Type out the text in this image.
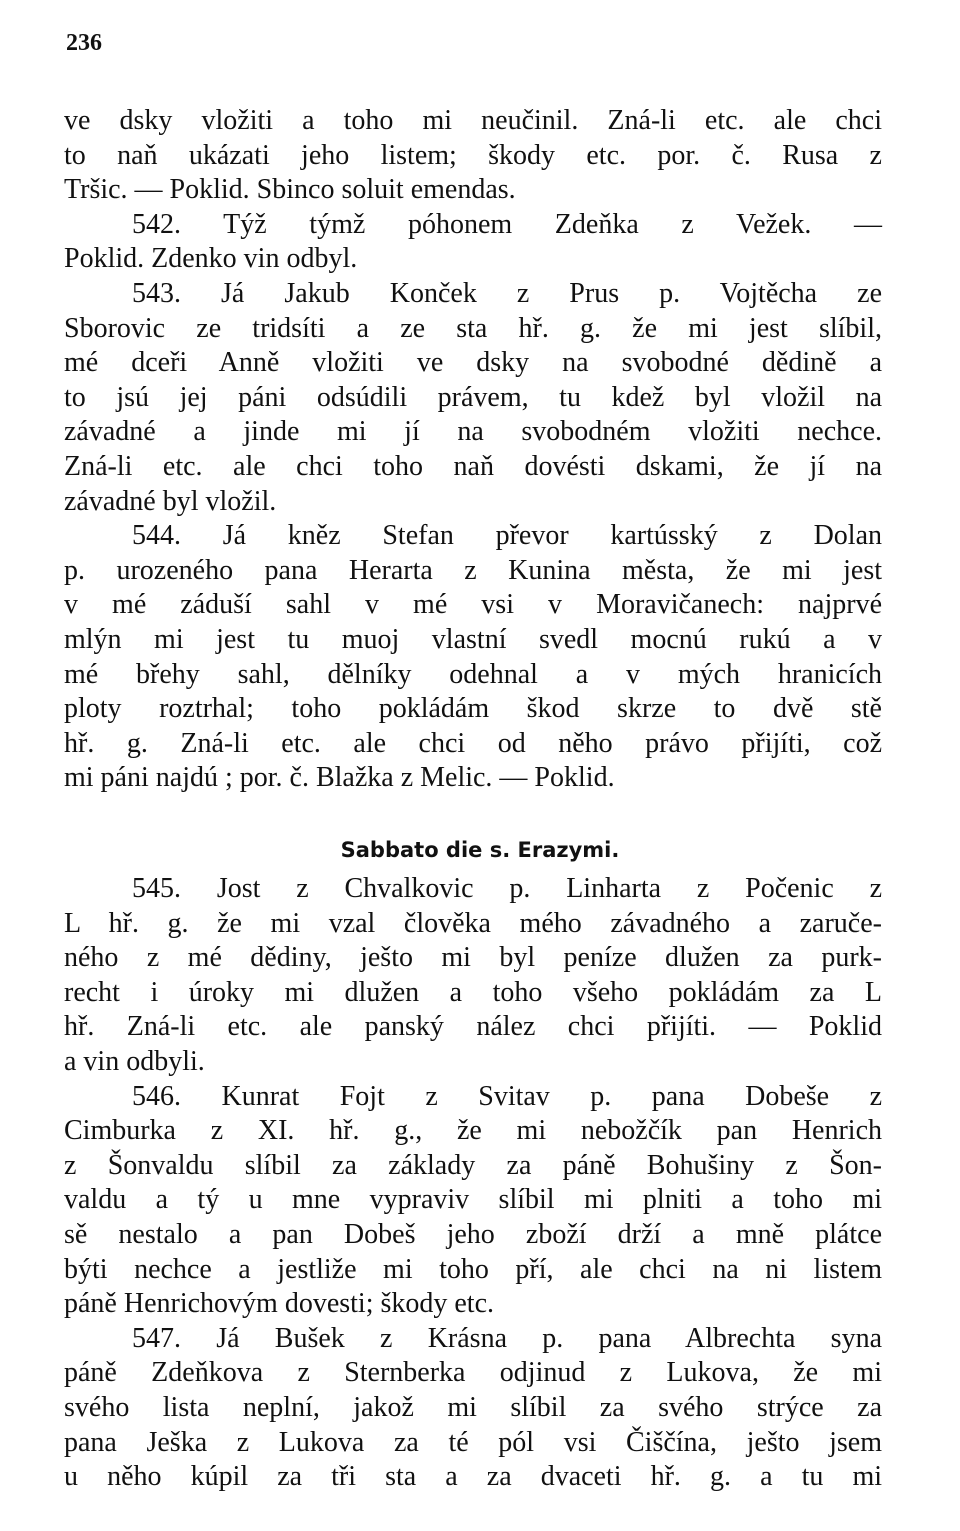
236
ve dsky vložiti a toho mi neučinil. Zná-li etc. ale chci
to naň ukázati jeho listem; škody etc. por. č. Rusa z
Tršic. — Poklid. Sbinco soluit emendas.
542. Týž týmž póhonem Zdeňka z Vežek. —
Poklid. Zdenko vin odbyl.
543. Já Jakub Konček z Prus p. Vojtěcha ze
Sborovic ze tridsíti a ze sta hř. g. že mi jest slíbil,
mé dceři Anně vložiti ve dsky na svobodné dědině a
to jsú jej páni odsúdili právem, tu kdež byl vložil na
závadné a jinde mi jí na svobodném vložiti nechce.
Zná-li etc. ale chci toho naň dovésti dskami, že jí na
závadné byl vložil.
544. Já kněz Stefan převor kartússký z Dolan
p. urozeného pana Herarta z Kunina města, že mi jest
v mé záduší sahl v mé vsi v Moravičanech: najprvé
mlýn mi jest tu muoj vlastní svedl mocnú rukú a v
mé břehy sahl, dělníky odehnal a v mých hranicích
ploty roztrhal; toho pokládám škod skrze to dvě stě
hř. g. Zná-li etc. ale chci od něho právo přijíti, což
mi páni najdú ; por. č. Blažka z Melic. — Poklid.
Sabbato die s. Erazymi.
545. Jost z Chvalkovic p. Linharta z Počenic z
L hř. g. že mi vzal člověka mého závadného a zaruče-
ného z mé dědiny, ješto mi byl peníze dlužen za purk-
recht i úroky mi dlužen a toho všeho pokládám za L
hř. Zná-li etc. ale panský nález chci přijíti. — Poklid
a vin odbyli.
546. Kunrat Fojt z Svitav p. pana Dobeše z
Cimburka z XI. hř. g., že mi nebožčík pan Henrich
z Šonvaldu slíbil za základy za páně Bohušiny z Šon-
valdu a tý u mne vypraviv slíbil mi plniti a toho mi
sě nestalo a pan Dobeš jeho zboží drží a mně plátce
býti nechce a jestliže mi toho pří, ale chci na ni listem
páně Henrichovým dovesti; škody etc.
547. Já Bušek z Krásna p. pana Albrechta syna
páně Zdeňkova z Sternberka odjinud z Lukova, že mi
svého lista neplní, jakož mi slíbil za svého strýce za
pana Ješka z Lukova za té pól vsi Čiščína, ješto jsem
u něho kúpil za tři sta a za dvaceti hř. g. a tu mi
